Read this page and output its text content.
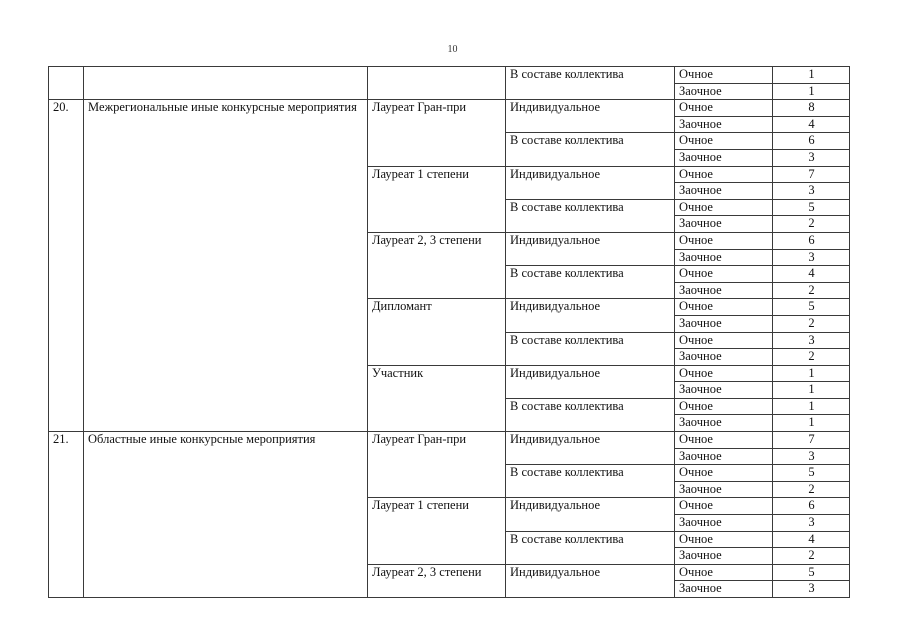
10
			В составе коллектива	Очное	1
				Заочное	1
20.	Межрегиональные иные конкурсные мероприятия	Лауреат Гран-при	Индивидуальное	Очное	8
				Заочное	4
			В составе коллектива	Очное	6
				Заочное	3
		Лауреат 1 степени	Индивидуальное	Очное	7
				Заочное	3
			В составе коллектива	Очное	5
				Заочное	2
		Лауреат 2, 3 степени	Индивидуальное	Очное	6
				Заочное	3
			В составе коллектива	Очное	4
				Заочное	2
		Дипломант	Индивидуальное	Очное	5
				Заочное	2
			В составе коллектива	Очное	3
				Заочное	2
		Участник	Индивидуальное	Очное	1
				Заочное	1
			В составе коллектива	Очное	1
				Заочное	1
21.	Областные иные конкурсные мероприятия	Лауреат Гран-при	Индивидуальное	Очное	7
				Заочное	3
			В составе коллектива	Очное	5
				Заочное	2
		Лауреат 1 степени	Индивидуальное	Очное	6
				Заочное	3
			В составе коллектива	Очное	4
				Заочное	2
		Лауреат 2, 3 степени	Индивидуальное	Очное	5
				Заочное	3
